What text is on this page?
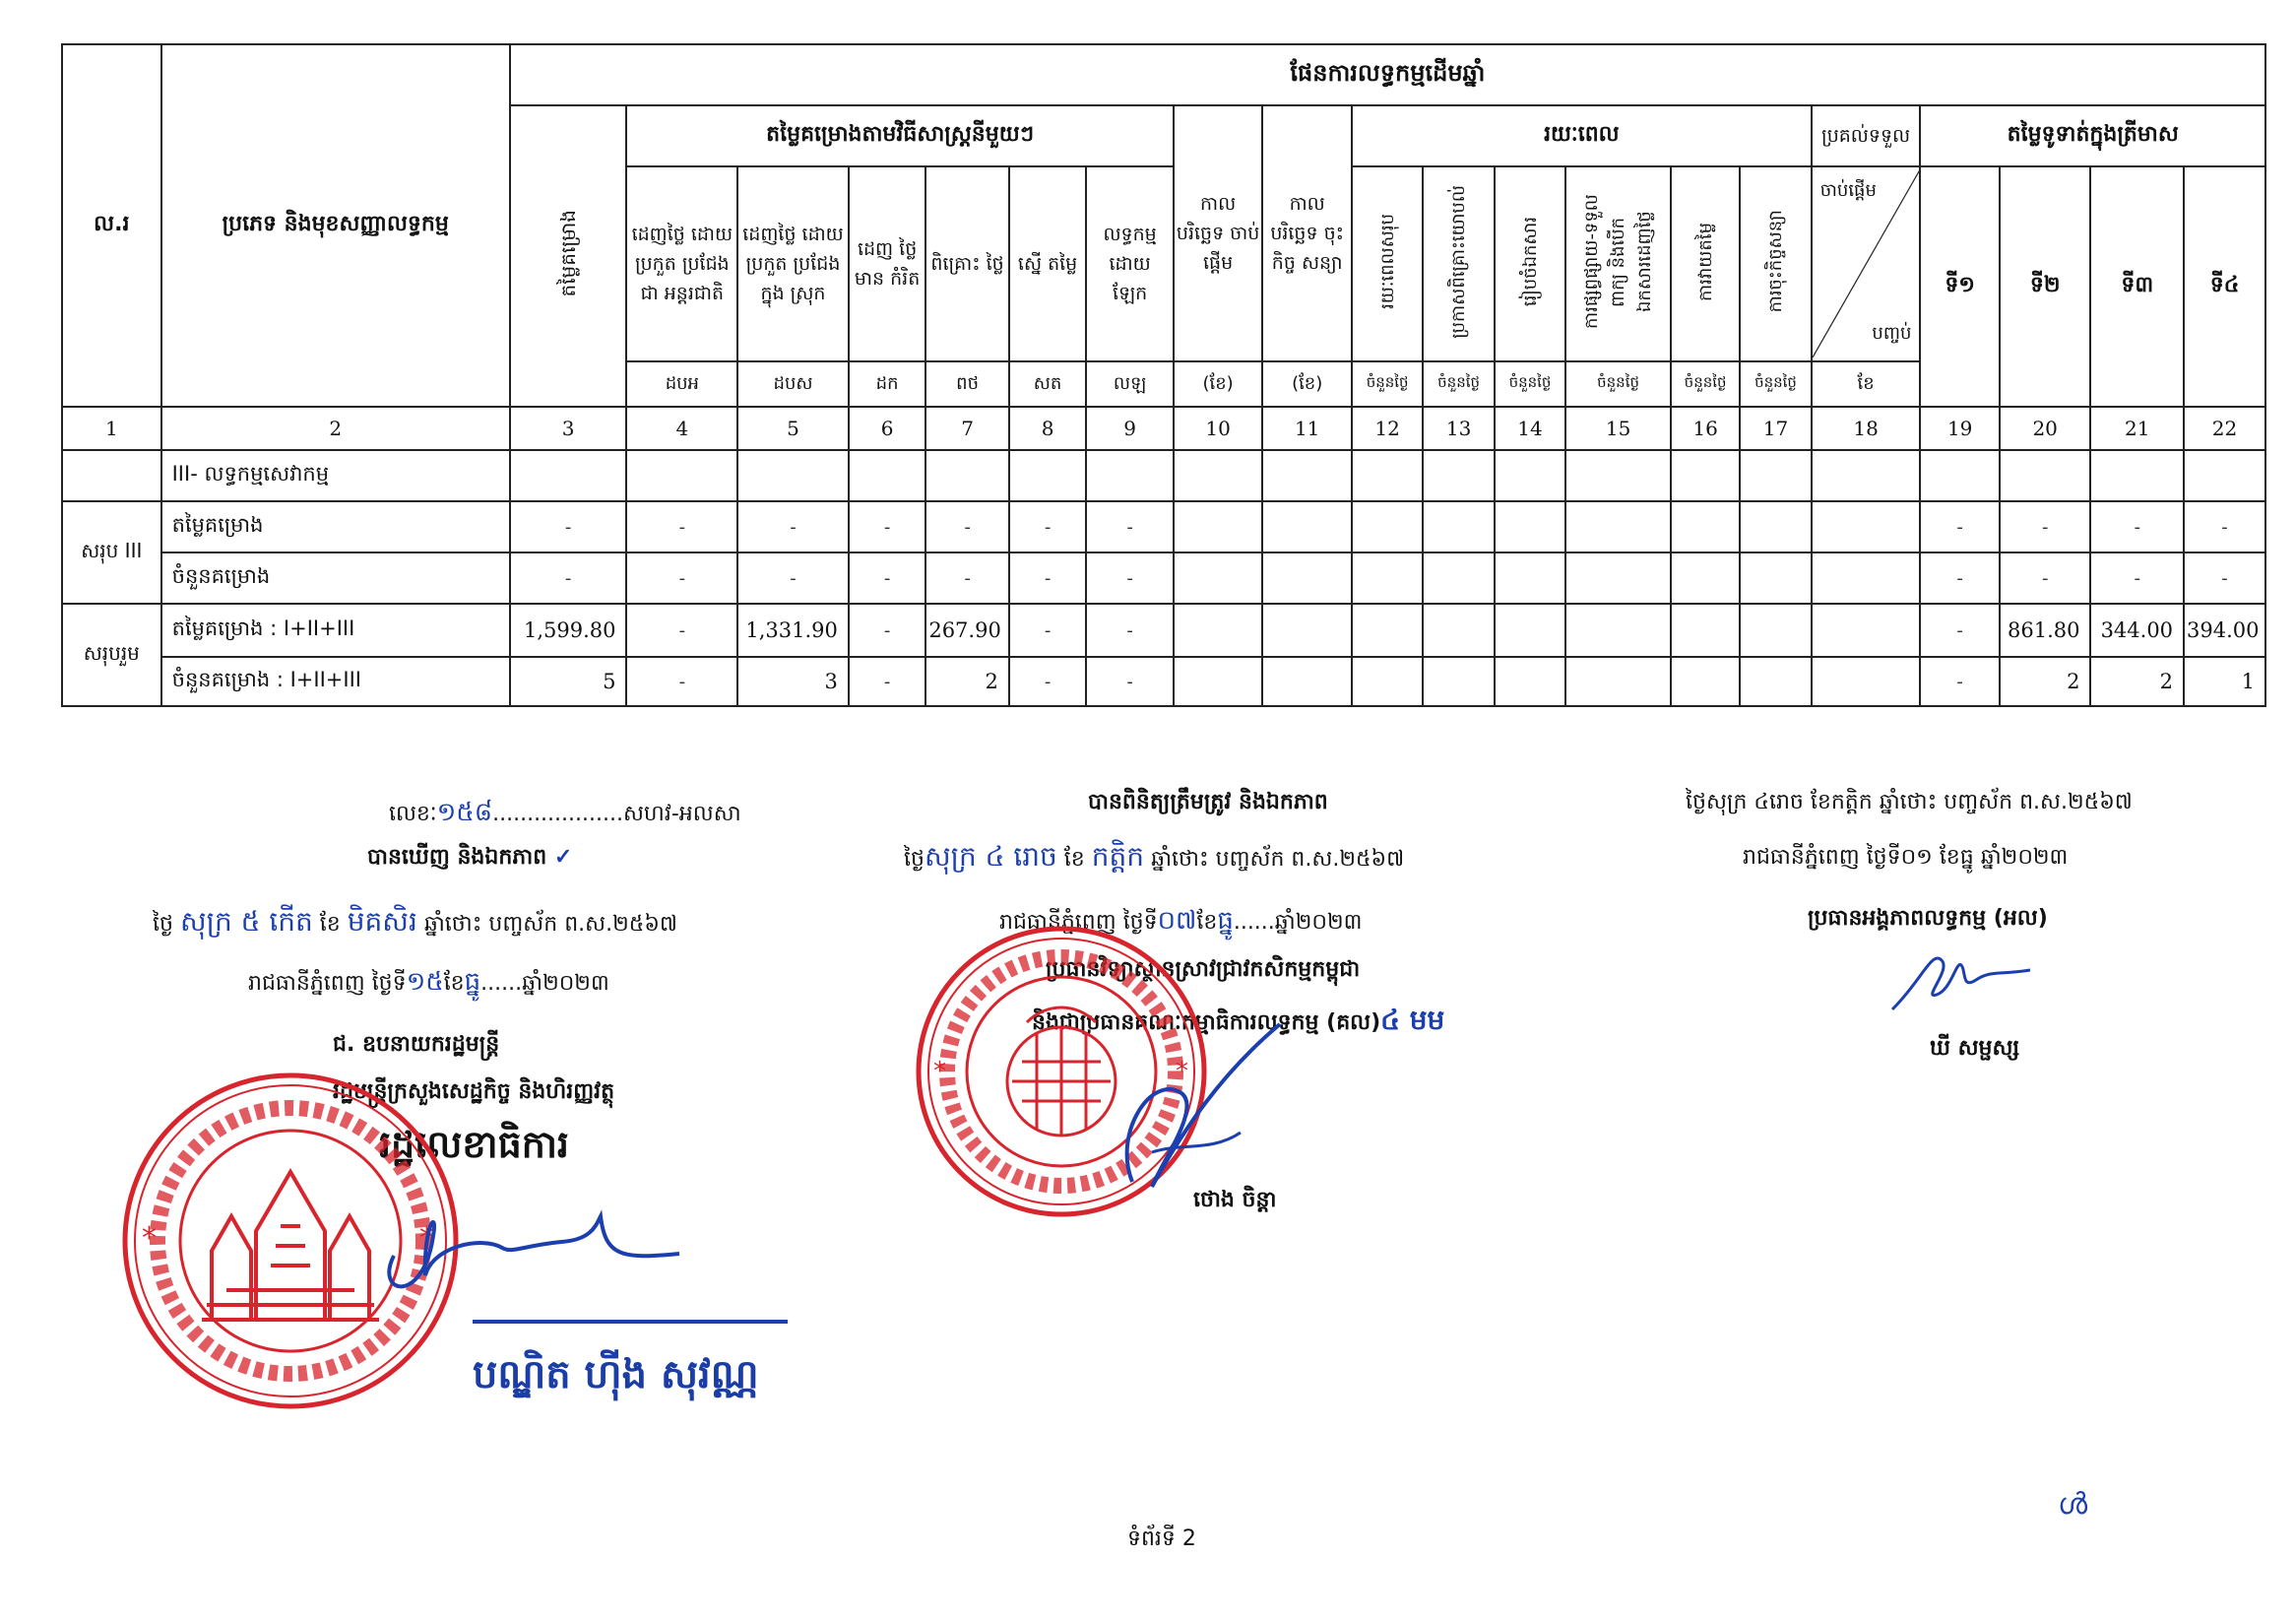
ល.រ	ប្រភេទ និងមុខសញ្ញាលទ្ធកម្ម	ផែនការលទ្ធកម្មដើមឆ្នាំ																			
		តម្លៃគម្រោង	តម្លៃគម្រោងតាមវិធីសាស្ត្រនីមួយៗ						កាល បរិច្ឆេទ ចាប់ផ្តើម	កាល បរិច្ឆេទ ចុះកិច្ច សន្យា	រយៈពេល						ប្រគល់ទទួល	តម្លៃទូទាត់ក្នុងត្រីមាស			
			ដេញថ្លៃ ដោយប្រកួត ប្រជែងជា អន្តរជាតិ	ដេញថ្លៃ ដោយប្រកួត ប្រជែងក្នុង ស្រុក	ដេញ ថ្លៃមាន កំរិត	ពិគ្រោះ ថ្លៃ	ស្នើ តម្លៃ	លទ្ធកម្ម ដោយ ឡែក			រយៈពេលសរុប	ប្រកាសពិគ្រោះយោបល់	រៀបចំឯកសារ	ការផ្សព្វផ្សាយ-ទទួលពាក្យ និងបើកឯកសារដេញថ្លៃ	ការវាយតម្លៃ	ការចុះកិច្ចសន្យា	ចាប់ផ្តើម
បញ្ចប់	ទី១	ទី២	ទី៣	ទី៤
			ដបអ	ដបស	ដក	ពថ	សត	លឡ	(ខែ)	(ខែ)	ចំនួនថ្ងៃ	ចំនួនថ្ងៃ	ចំនួនថ្ងៃ	ចំនួនថ្ងៃ	ចំនួនថ្ងៃ	ចំនួនថ្ងៃ	ខែ				
1	2	3	4	5	6	7	8	9	10	11	12	13	14	15	16	17	18	19	20	21	22
	III- លទ្ធកម្មសេវាកម្ម																				
សរុប III	តម្លៃគម្រោង	-	-	-	-	-	-	-										-	-	-	-
	ចំនួនគម្រោង	-	-	-	-	-	-	-										-	-	-	-
សរុបរួម	តម្លៃគម្រោង : I+II+III	1,599.80	-	1,331.90	-	267.90	-	-										-	861.80	344.00	394.00
	ចំនួនគម្រោង : I+II+III	5	-	3	-	2	-	-										-	2	2	1
លេខៈ១៥៨...................សហវ-អលសា
បានឃើញ និងឯកភាព ✓
ថ្ងៃ សុក្រ ៥ កើត ខែ មិគសិរ ឆ្នាំថោះ បញ្ចស័ក ព.ស.២៥៦៧
រាជធានីភ្នំពេញ ថ្ងៃទី១៥ខែធ្នូ......ឆ្នាំ២០២៣
ជ. ឧបនាយករដ្ឋមន្ត្រី
រដ្ឋមន្ត្រីក្រសួងសេដ្ឋកិច្ច និងហិរញ្ញវត្ថុ
រដ្ឋលេខាធិការ
បណ្ឌិត ហ៊ីង សុវណ្ណ
*	*
បានពិនិត្យត្រឹមត្រូវ និងឯកភាព
ថ្ងៃសុក្រ ៤ រោច ខែ កត្តិក ឆ្នាំថោះ បញ្ចស័ក ព.ស.២៥៦៧
រាជធានីភ្នំពេញ ថ្ងៃទី០៧ខែធ្នូ......ឆ្នាំ២០២៣
ប្រធានវិទ្យាស្ថានស្រាវជ្រាវកសិកម្មកម្ពុជា
និងជាប្រធានគណៈកម្មាធិការលទ្ធកម្ម (គល)៤ មម
ថោង ចិន្តា
*	*
ថ្ងៃសុក្រ ៤រោច ខែកត្តិក ឆ្នាំថោះ បញ្ចស័ក ព.ស.២៥៦៧
រាជធានីភ្នំពេញ ថ្ងៃទី០១ ខែធ្នូ ឆ្នាំ២០២៣
ប្រធានអង្គភាពលទ្ធកម្ម (អល)
ឃី សម្ផស្ស
ទំព័រទី 2
ൾ
